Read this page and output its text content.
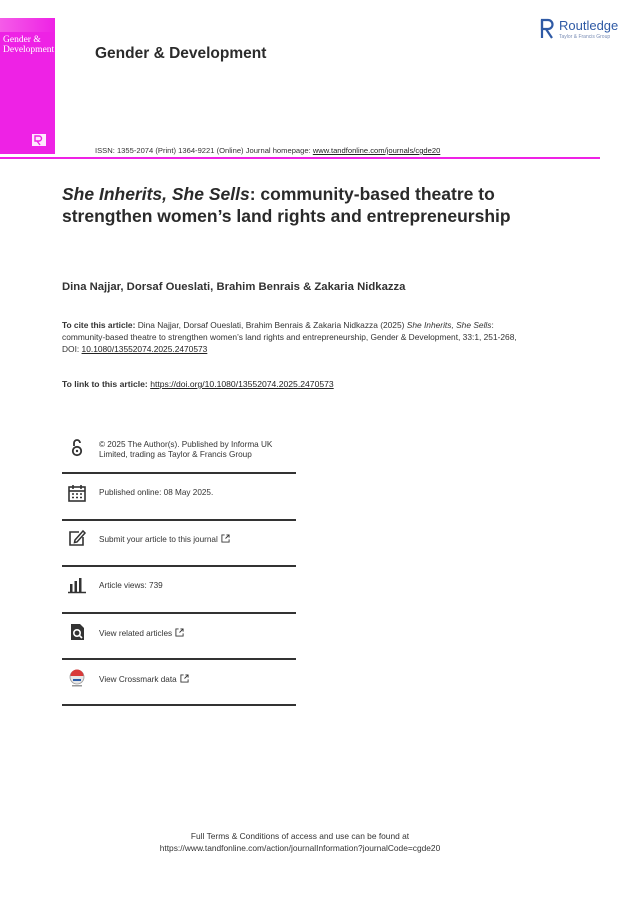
Gender &
Development	Gender & Development
Routledge
Taylor & Francis Group
ISSN: 1355-2074 (Print) 1364-9221 (Online) Journal homepage: www.tandfonline.com/journals/cgde20
She Inherits, She Sells: community-based theatre to strengthen women’s land rights and entrepreneurship
Dina Najjar, Dorsaf Oueslati, Brahim Benrais & Zakaria Nidkazza
To cite this article: Dina Najjar, Dorsaf Oueslati, Brahim Benrais & Zakaria Nidkazza (2025) She Inherits, She Sells: community-based theatre to strengthen women’s land rights and entrepreneurship, Gender & Development, 33:1, 251-268, DOI: 10.1080/13552074.2025.2470573
To link to this article: https://doi.org/10.1080/13552074.2025.2470573
© 2025 The Author(s). Published by Informa UK Limited, trading as Taylor & Francis Group
Published online: 08 May 2025.
Submit your article to this journal
Article views: 739
View related articles
View Crossmark data
Full Terms & Conditions of access and use can be found at
https://www.tandfonline.com/action/journalInformation?journalCode=cgde20
